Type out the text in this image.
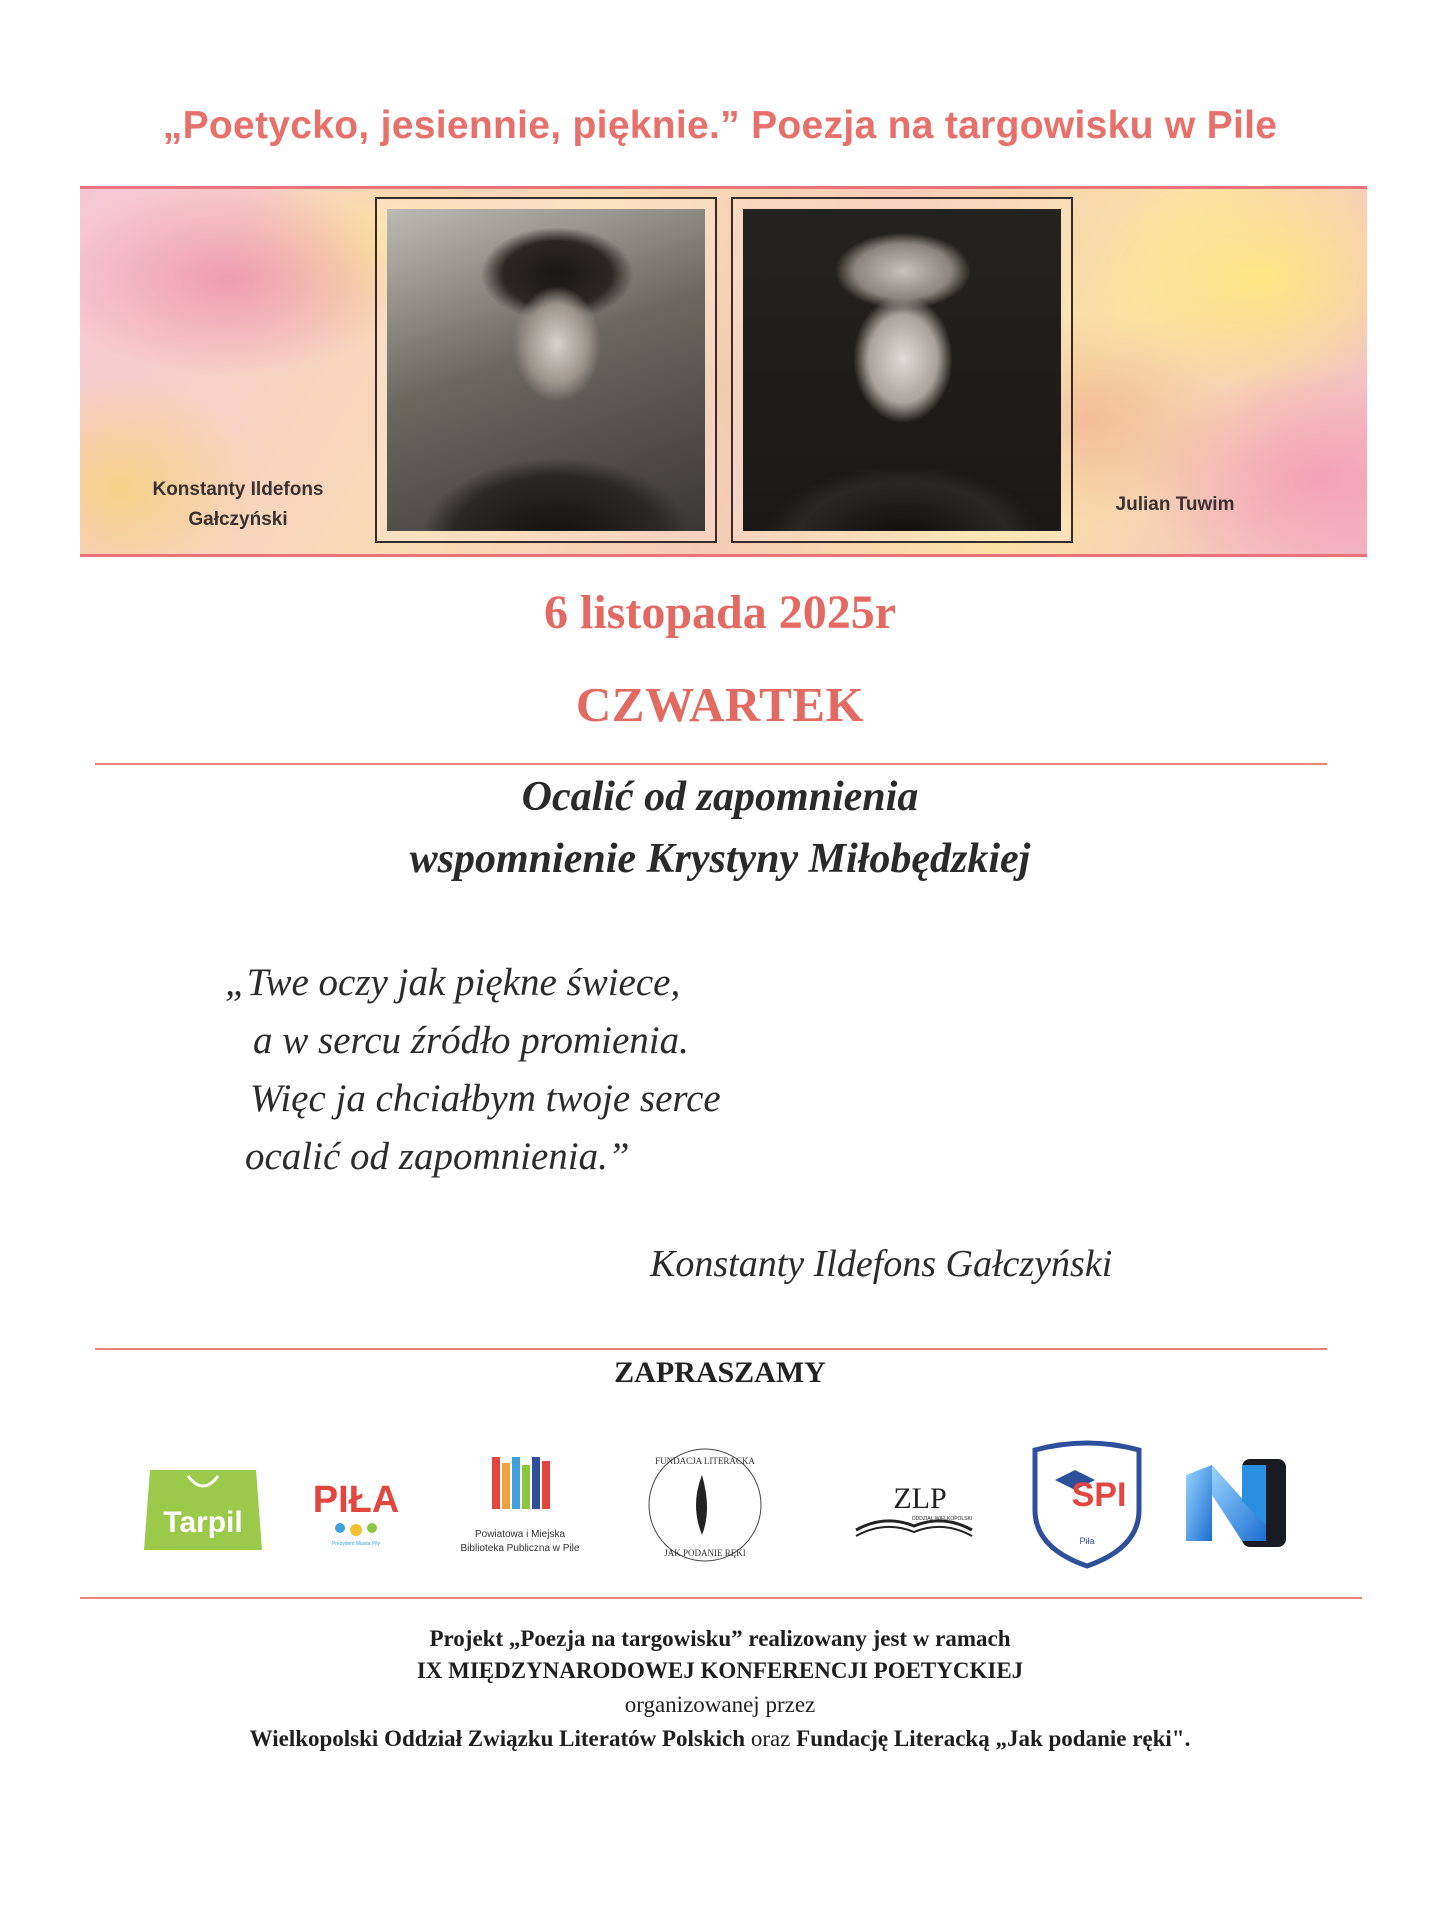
„Poetycko, jesiennie, pięknie.” Poezja na targowisku w Pile
Konstanty Ildefons
Gałczyński
Julian Tuwim
6 listopada 2025r
CZWARTEK
Ocalić od zapomnienia
wspomnienie Krystyny Miłobędzkiej
„Twe oczy jak piękne świece,
a w sercu źródło promienia.
Więc ja chciałbym twoje serce
ocalić od zapomnienia.”
Konstanty Ildefons Gałczyński
ZAPRASZAMY
Tarpil
PIŁA
Prezydent Miasta Piły
Powiatowa i Miejska
Biblioteka Publiczna w Pile
FUNDACJA LITERACKA
JAK PODANIE RĘKI
ZLP
ODDZIAŁ WIELKOPOLSKI
SPI
Piła
Projekt „Poezja na targowisku” realizowany jest w ramach
IX MIĘDZYNARODOWEJ KONFERENCJI POETYCKIEJ
organizowanej przez
Wielkopolski Oddział Związku Literatów Polskich oraz Fundację Literacką „Jak podanie ręki".
